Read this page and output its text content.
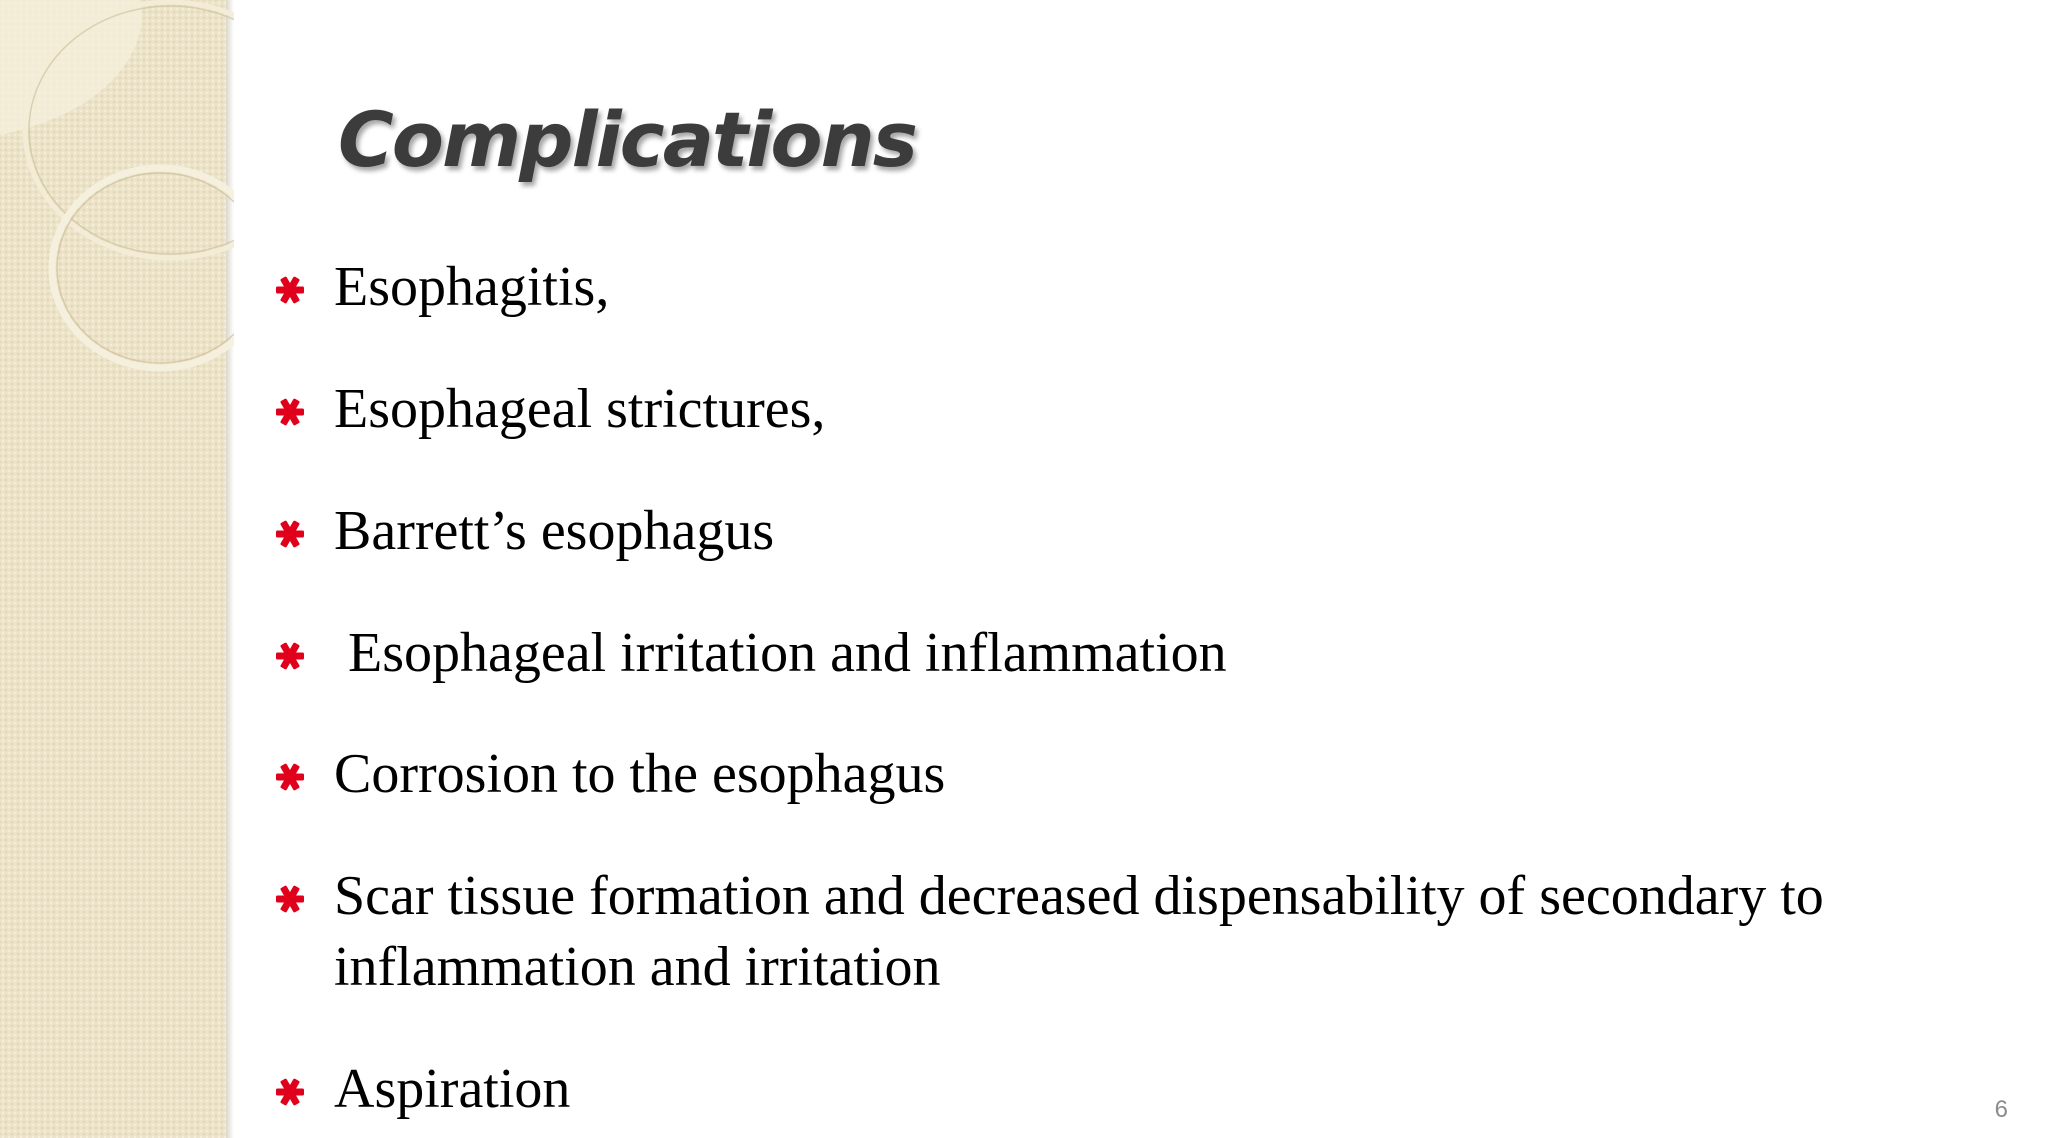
Complications
Esophagitis,
Esophageal strictures,
Barrett’s esophagus
Esophageal irritation and inflammation
Corrosion to the esophagus
Scar tissue formation and decreased dispensability of secondary to inflammation and irritation
Aspiration	6
